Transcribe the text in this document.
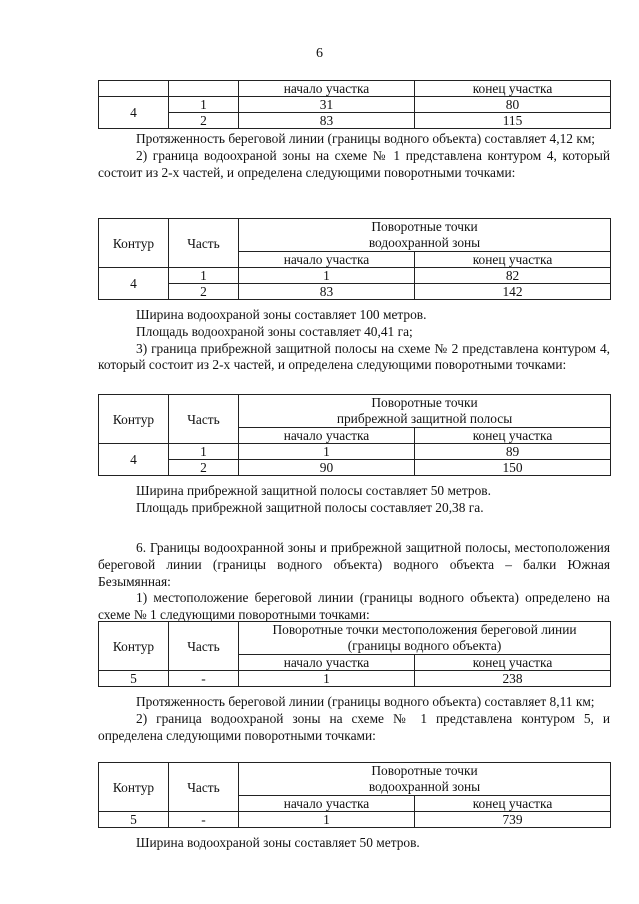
6
		начало участка	конец участка
4	1	31	80
	2	83	115

Протяженность береговой линии (границы водного объекта) составляет 4,12 км;

2) граница водоохраной зоны на схеме № 1 представлена контуром 4, который состоит из 2-х частей, и определена следующими поворотными точками:

Контур	Часть	Поворотные точки
водоохранной зоны	

		начало участка	конец участка
4	1	1	82
	2	83	142

Ширина водоохраной зоны составляет 100 метров.

Площадь водоохраной зоны составляет 40,41 га;

3) граница прибрежной защитной полосы на схеме № 2 представлена контуром 4, который состоит из 2-х частей, и определена следующими поворотными точками:

Контур	Часть	Поворотные точки
прибрежной защитной полосы	

		начало участка	конец участка
4	1	1	89
	2	90	150

Ширина прибрежной защитной полосы составляет 50 метров.

Площадь прибрежной защитной полосы составляет 20,38 га.

6. Границы водоохранной зоны и прибрежной защитной полосы, местоположения береговой линии (границы водного объекта) водного объекта – балки Южная Безымянная:

1) местоположение береговой линии (границы водного объекта) определено на схеме № 1 следующими поворотными точками:

Контур	Часть	Поворотные точки местоположения береговой линии
(границы водного объекта)	

		начало участка	конец участка
5	-	1	238

Протяженность береговой линии (границы водного объекта) составляет 8,11 км;

2) граница водоохраной зоны на схеме № 1 представлена контуром 5, и определена следующими поворотными точками:

Контур	Часть	Поворотные точки
водоохранной зоны	

		начало участка	конец участка
5	-	1	739

Ширина водоохраной зоны составляет 50 метров.
